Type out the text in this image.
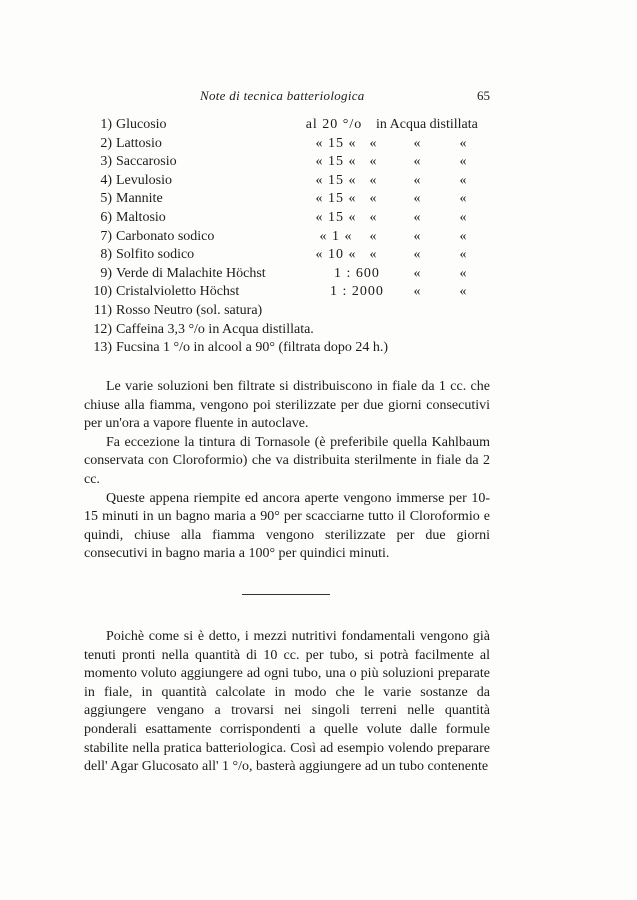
Note di tecnica batteriologica	65
1) Glucosio	al 20 °/o in Acqua distillata
2) Lattosio	« 15 « «	«	«
3) Saccarosio	« 15 « «	«	«
4) Levulosio	« 15 « «	«	«
5) Mannite	« 15 « «	«	«
6) Maltosio	« 15 « «	«	«
7) Carbonato sodico	« 1 «	«	«	«
8) Solfito sodico	« 10 « «	«	«
9) Verde di Malachite Höchst	1 : 600	«	«
10) Cristalvioletto Höchst	1 : 2000	«	«
11) Rosso Neutro (sol. satura)
12) Caffeina 3,3 °/o in Acqua distillata.
13) Fucsina 1 °/o in alcool a 90° (filtrata dopo 24 h.)

Le varie soluzioni ben filtrate si distribuiscono in fiale da 1 cc. che chiuse alla fiamma, vengono poi sterilizzate per due giorni consecutivi per un'ora a vapore fluente in autoclave.

Fa eccezione la tintura di Tornasole (è preferibile quella Kahlbaum conservata con Cloroformio) che va distribuita sterilmente in fiale da 2 cc.

Queste appena riempite ed ancora aperte vengono immerse per 10-15 minuti in un bagno maria a 90° per scacciarne tutto il Cloroformio e quindi, chiuse alla fiamma vengono sterilizzate per due giorni consecutivi in bagno maria a 100° per quindici minuti.

Poichè come si è detto, i mezzi nutritivi fondamentali vengono già tenuti pronti nella quantità di 10 cc. per tubo, si potrà facilmente al momento voluto aggiungere ad ogni tubo, una o più soluzioni preparate in fiale, in quantità calcolate in modo che le varie sostanze da aggiungere vengano a trovarsi nei singoli terreni nelle quantità ponderali esattamente corrispondenti a quelle volute dalle formule stabilite nella pratica batteriologica. Così ad esempio volendo preparare dell' Agar Glucosato all' 1 °/o, basterà aggiungere ad un tubo contenente
